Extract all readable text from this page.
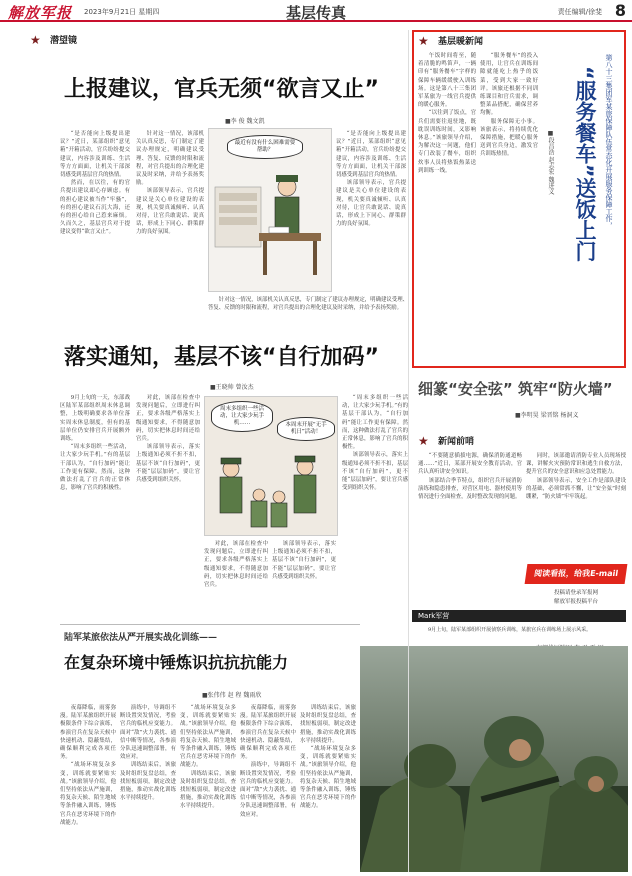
解放军报 2023年9月21日 星期四	基层传真	责任编辑/徐斐 8
★	潜望镜
上报建议，官兵无须“欲言又止”
■李 俊 魏文凯

“是否能向上级提出建议？”近日，某部组织“意见箱”开箱活动，官兵纷纷提交建议，内容涉及训练、生活等方方面面，让机关干部深切感受到基层官兵的热情。

然而，在以往，有的官兵提出建议却心存顾虑。有的担心建议被当作“牢骚”，有的担心建议石沉大海，还有的担心给自己惹来麻烦。久而久之，基层官兵对于提建议变得“欲言又止”。

针对这一情况，该部机关认真反思，专门制定了建议办理规定，明确建议受理、答复、反馈的时限和流程，对官兵提出的合理化建议及时采纳，并给予表扬奖励。

该部领导表示，官兵提建议是关心单位建设的表现，机关要真诚倾听、认真对待，让官兵敢说话、说真话，形成上下同心、群策群力的良好氛围。

最近有没有什么困难需要帮助？

“是否能向上级提出建议？”近日，某部组织“意见箱”开箱活动，官兵纷纷提交建议，内容涉及训练、生活等方方面面，让机关干部深切感受到基层官兵的热情。

该部领导表示，官兵提建议是关心单位建设的表现，机关要真诚倾听、认真对待，让官兵敢说话、说真话，形成上下同心、群策群力的良好氛围。

针对这一情况，该部机关认真反思，专门制定了建议办理规定，明确建议受理、答复、反馈的时限和流程，对官兵提出的合理化建议及时采纳，并给予表扬奖励。

落实通知，基层不该“自行加码”
■王晓帅 曾汝杰

9月上旬的一天，东部战区陆军某部组织周末休息调整，上级明确要求各单位落实周末休息制度，但有的基层单位仍安排官兵开展额外训练。

“周末多组织一些活动，让大家少玩手机。”有的基层干部认为，“自行加码”能让工作更有保障。然而，这种做法打乱了官兵的正常休息，影响了官兵的积极性。

对此，该部在检查中发现问题后，立即进行纠正，要求各级严格落实上级通知要求，不得随意加码，切实把休息时间还给官兵。

该部领导表示，落实上级通知必须不折不扣，基层不该“自行加码”，更不能“层层加码”，要让官兵感受到组织关怀。

周末多组织一些活动，让大家少玩手机……	本周末开展“无手机日”活动！

对此，该部在检查中发现问题后，立即进行纠正，要求各级严格落实上级通知要求，不得随意加码，切实把休息时间还给官兵。

该部领导表示，落实上级通知必须不折不扣，基层不该“自行加码”，更不能“层层加码”，要让官兵感受到组织关怀。

“周末多组织一些活动，让大家少玩手机。”有的基层干部认为，“自行加码”能让工作更有保障。然而，这种做法打乱了官兵的正常休息，影响了官兵的积极性。

该部领导表示，落实上级通知必须不折不扣，基层不该“自行加码”，更不能“层层加码”，要让官兵感受到组织关怀。

★	基层暖新闻

午饭时间将至，随着清脆的鸣笛声，一辆印有“服务餐车”字样的保障车辆缓缓驶入训练场。这是第八十三集团军某旅为一线官兵提供的暖心服务。

“以往到了饭点，官兵们需要往返驻地，既耽误训练时间，又影响休息。”该旅领导介绍，为解决这一问题，他们专门改装了餐车，组织炊事人员将热饭热菜送到训练一线。

“服务餐车”的投入使用，让官兵在训练间隙就能吃上热乎的饭菜，受到大家一致好评。该旅还根据不同训练课目和官兵需求，调整菜品搭配，确保营养均衡。

服务保障无小事。该旅表示，将持续优化保障措施，把暖心服务送到官兵身边，激发官兵训练热情。	“服务餐车”送饭上门	第八十三集团军某旅保障队伍常态化开展服务保障工作，
■段昌浩 赵志宏 魏进义
细篆“安全弦” 筑牢“防火墙”
■李明昊 梁晋铭 杨洞义
★	新闻前哨

“不要随意插拔电源，确保消防通道畅通……”近日，某部开展安全教育活动，官兵认真听讲安全知识。

该部结合季节特点，组织官兵开展消防演练和隐患排查，对营区用电、器材使用等情况进行全面检查，及时整改发现的问题。

同时，该部邀请消防专业人员现场授课，讲解火灾预防常识和逃生自救方法，提升官兵的安全意识和应急处置能力。

该部领导表示，安全工作是部队建设的基础，必须常抓不懈，让“安全弦”时刻绷紧，“防火墙”牢牢筑起。

阅读看报，给我E-mail
投稿请登录军报网
解放军报投稿平台
Mark军营

9月上旬，陆军某部组织开展侦察兵训练，某旅官兵在训练场上展示风采。

陆军某旅依法从严开展实战化训练——
在复杂环境中锤炼识抗抗抗能力
■张伟伟 赵 程 魏雨欣

夜幕降临，雨雾弥漫。陆军某旅组织开展极限条件下综合演练，参演官兵在复杂天候中快速机动、隐蔽集结，确保顺利完成各项任务。

“战场环境复杂多变，训练就要紧贴实战。”该旅领导介绍，他们坚持依法从严施训，将复杂天候、陌生地域等条件融入训练，锤炼官兵在恶劣环境下的作战能力。

演练中，导调组不断设置突发情况，考验官兵的临机应变能力。面对“敌”火力袭扰、通信中断等情况，各参演分队迅速调整部署，有效应对。

训练结束后，该旅及时组织复盘总结，查找短板弱项，制定改进措施，推动实战化训练水平持续提升。

“战场环境复杂多变，训练就要紧贴实战。”该旅领导介绍，他们坚持依法从严施训，将复杂天候、陌生地域等条件融入训练，锤炼官兵在恶劣环境下的作战能力。

训练结束后，该旅及时组织复盘总结，查找短板弱项，制定改进措施，推动实战化训练水平持续提升。

夜幕降临，雨雾弥漫。陆军某旅组织开展极限条件下综合演练，参演官兵在复杂天候中快速机动、隐蔽集结，确保顺利完成各项任务。

演练中，导调组不断设置突发情况，考验官兵的临机应变能力。面对“敌”火力袭扰、通信中断等情况，各参演分队迅速调整部署，有效应对。

训练结束后，该旅及时组织复盘总结，查找短板弱项，制定改进措施，推动实战化训练水平持续提升。

“战场环境复杂多变，训练就要紧贴实战。”该旅领导介绍，他们坚持依法从严施训，将复杂天候、陌生地域等条件融入训练，锤炼官兵在恶劣环境下的作战能力。
